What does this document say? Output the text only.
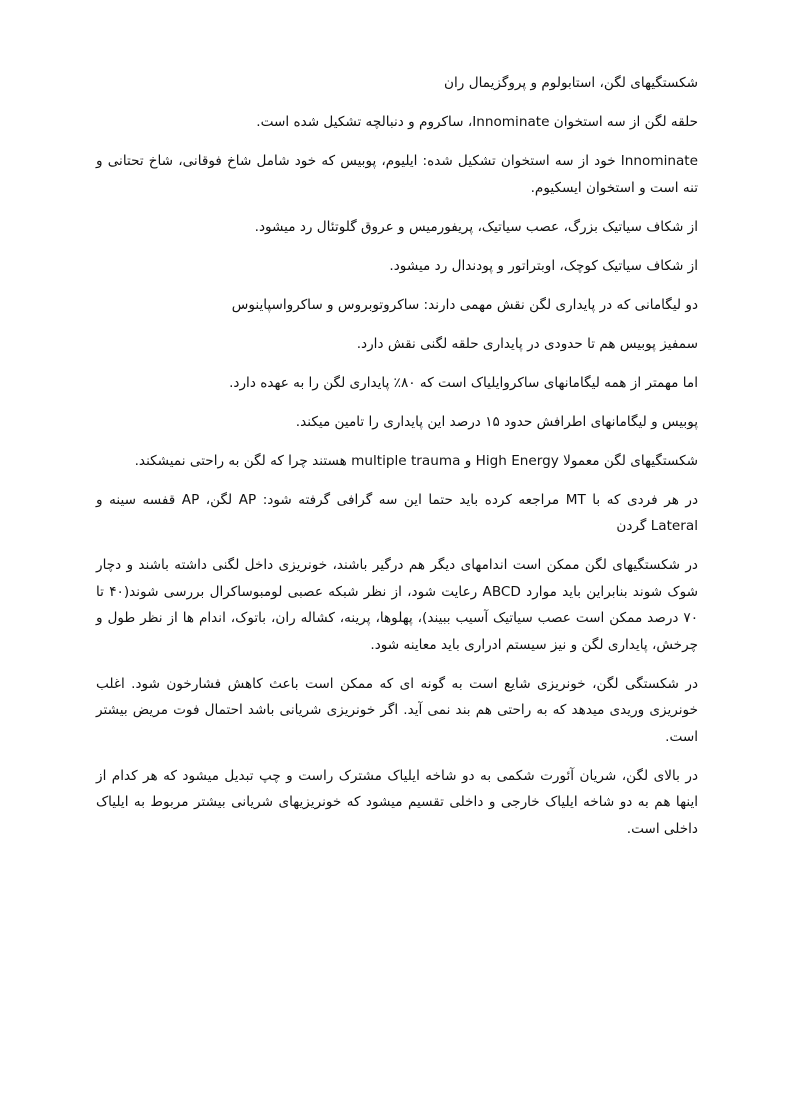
شکستگیهای لگن، استابولوم و پروگزیمال ران

حلقه لگن از سه استخوان Innominate، ساکروم و دنبالچه تشکیل شده است.

Innominate خود از سه استخوان تشکیل شده: ایلیوم، پوبیس که خود شامل شاخ فوقانی، شاخ تحتانی و تنه است و استخوان ایسکیوم.

از شکاف سیاتیک بزرگ، عصب سیاتیک، پریفورمیس و عروق گلوتئال رد میشود.

از شکاف سیاتیک کوچک، اوبتراتور و پودندال رد میشود.

دو لیگامانی که در پایداری لگن نقش مهمی دارند: ساکروتوبروس و ساکرواسپاینوس

سمفیز پوبیس هم تا حدودی در پایداری حلقه لگنی نقش دارد.

اما مهمتر از همه لیگامانهای ساکروایلیاک است که ۸۰٪ پایداری لگن را به عهده دارد.

پوبیس و لیگامانهای اطرافش حدود ۱۵ درصد این پایداری را تامین میکند.

شکستگیهای لگن معمولا High Energy و multiple trauma هستند چرا که لگن به راحتی نمیشکند.

در هر فردی که با MT مراجعه کرده باید حتما این سه گرافی گرفته شود: AP لگن، AP قفسه سینه و Lateral گردن

در شکستگیهای لگن ممکن است اندامهای دیگر هم درگیر باشند، خونریزی داخل لگنی داشته باشند و دچار شوک شوند بنابراین باید موارد ABCD رعایت شود، از نظر شبکه عصبی لومبوساکرال بررسی شوند(۴۰ تا ۷۰ درصد ممکن است عصب سیاتیک آسیب ببیند)، پهلوها، پرینه، کشاله ران، باتوک، اندام ها از نظر طول و چرخش، پایداری لگن و نیز سیستم ادراری باید معاینه شود.

در شکستگی لگن، خونریزی شایع است به گونه ای که ممکن است باعث کاهش فشارخون شود. اغلب خونریزی وریدی میدهد که به راحتی هم بند نمی آید. اگر خونریزی شریانی باشد احتمال فوت مریض بیشتر است.

در بالای لگن، شریان آئورت شکمی به دو شاخه ایلیاک مشترک راست و چپ تبدیل میشود که هر کدام از اینها هم به دو شاخه ایلیاک خارجی و داخلی تقسیم میشود که خونریزیهای شریانی بیشتر مربوط به ایلیاک داخلی است.
